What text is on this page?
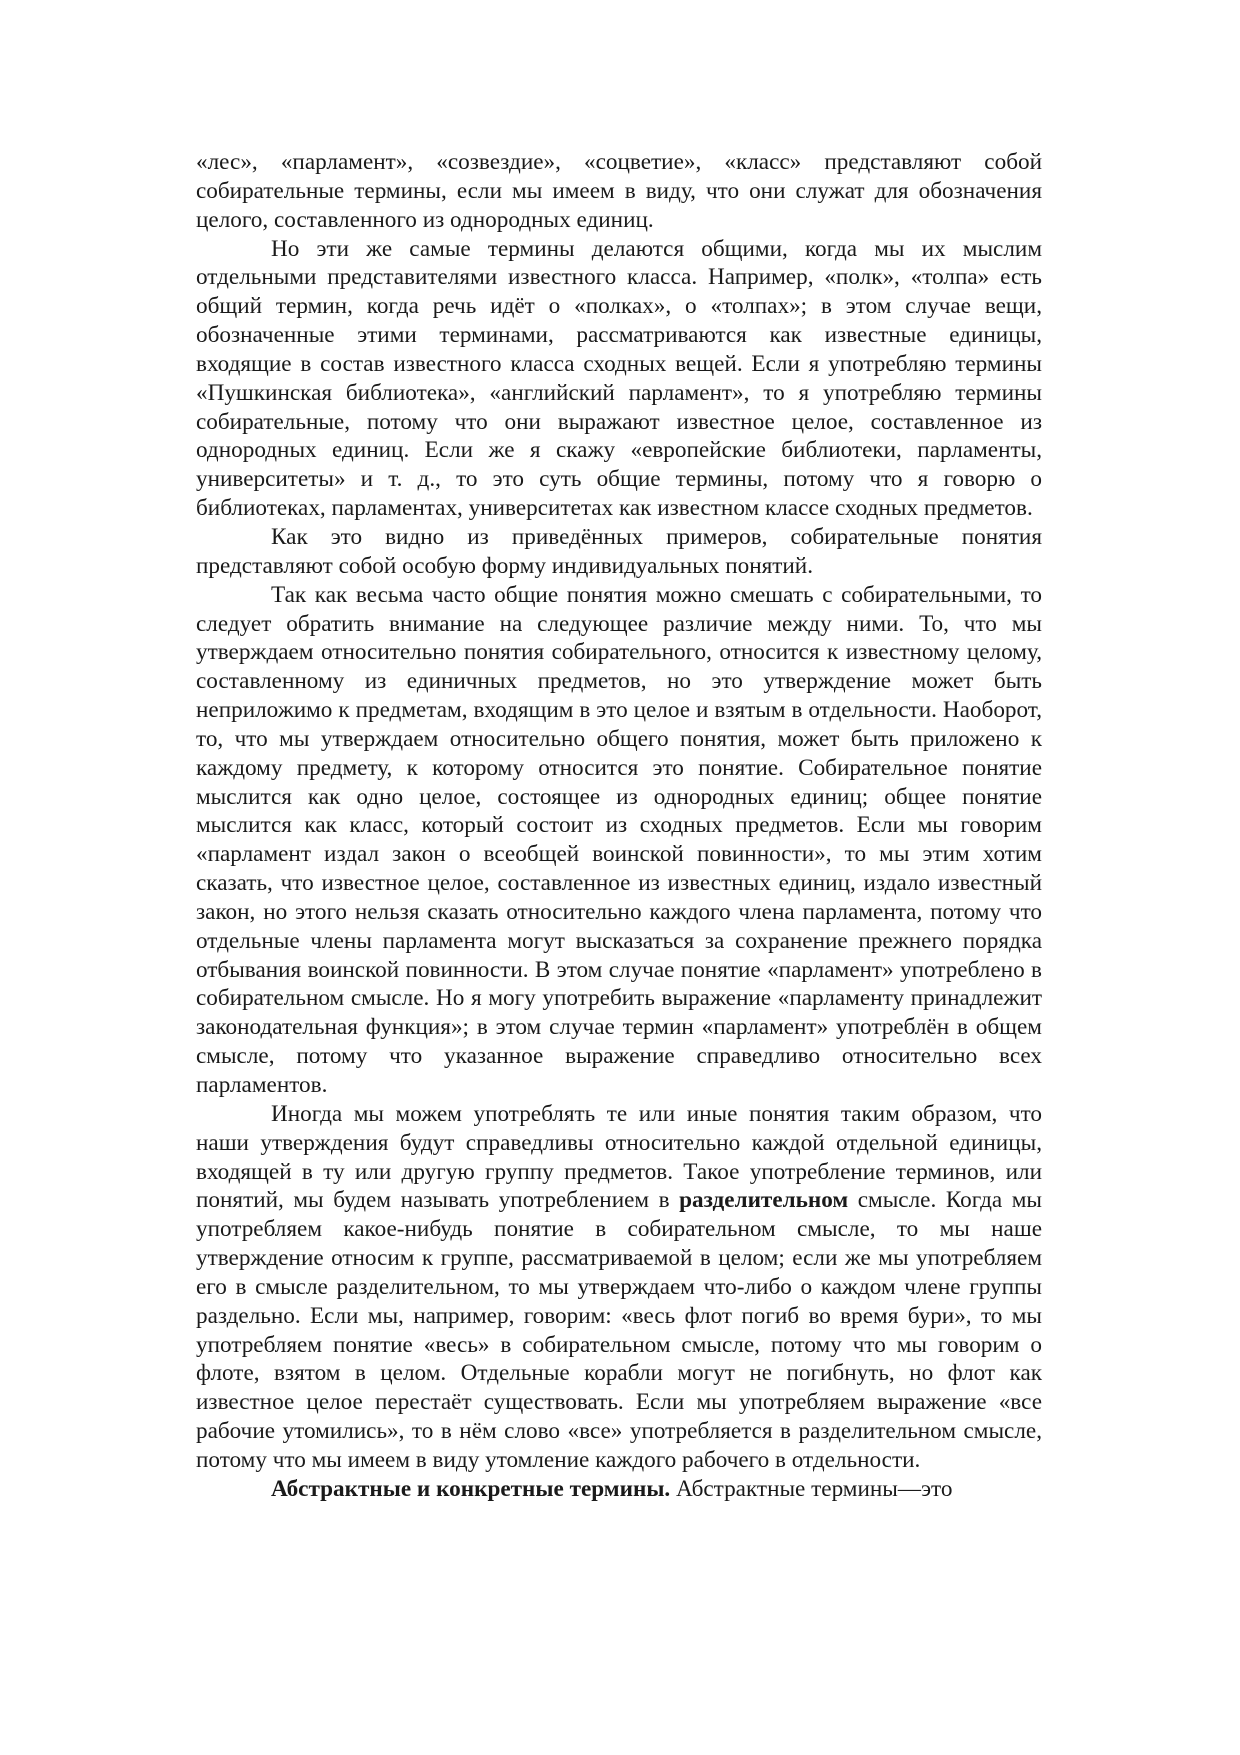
«лес», «парламент», «созвездие», «соцветие», «класс» представляют собой собирательные термины, если мы имеем в виду, что они служат для обозначения целого, составленного из однородных единиц.

Но эти же самые термины делаются общими, когда мы их мыслим отдельными представителями известного класса. Например, «полк», «толпа» есть общий термин, когда речь идёт о «полках», о «толпах»; в этом случае вещи, обозначенные этими терминами, рассматриваются как известные единицы, входящие в состав известного класса сходных вещей. Если я употребляю термины «Пушкинская библиотека», «английский парламент», то я употребляю термины собирательные, потому что они выражают известное целое, составленное из однородных единиц. Если же я скажу «европейские библиотеки, парламенты, университеты» и т. д., то это суть общие термины, потому что я говорю о библиотеках, парламентах, университетах как известном классе сходных предметов.

Как это видно из приведённых примеров, собирательные понятия представляют собой особую форму индивидуальных понятий.

Так как весьма часто общие понятия можно смешать с собирательными, то следует обратить внимание на следующее различие между ними. То, что мы утверждаем относительно понятия собирательного, относится к известному целому, составленному из единичных предметов, но это утверждение может быть неприложимо к предметам, входящим в это целое и взятым в отдельности. Наоборот, то, что мы утверждаем относительно общего понятия, может быть приложено к каждому предмету, к которому относится это понятие. Собирательное понятие мыслится как одно целое, состоящее из однородных единиц; общее понятие мыслится как класс, который состоит из сходных предметов. Если мы говорим «парламент издал закон о всеобщей воинской повинности», то мы этим хотим сказать, что известное целое, составленное из известных единиц, издало известный закон, но этого нельзя сказать относительно каждого члена парламента, потому что отдельные члены парламента могут высказаться за сохранение прежнего порядка отбывания воинской повинности. В этом случае понятие «парламент» употреблено в собирательном смысле. Но я могу употребить выражение «парламенту принадлежит законодательная функция»; в этом случае термин «парламент» употреблён в общем смысле, потому что указанное выражение справедливо относительно всех парламентов.

Иногда мы можем употреблять те или иные понятия таким образом, что наши утверждения будут справедливы относительно каждой отдельной единицы, входящей в ту или другую группу предметов. Такое употребление терминов, или понятий, мы будем называть употреблением в разделительном смысле. Когда мы употребляем какое-нибудь понятие в собирательном смысле, то мы наше утверждение относим к группе, рассматриваемой в целом; если же мы употребляем его в смысле разделительном, то мы утверждаем что-либо о каждом члене группы раздельно. Если мы, например, говорим: «весь флот погиб во время бури», то мы употребляем понятие «весь» в собирательном смысле, потому что мы говорим о флоте, взятом в целом. Отдельные корабли могут не погибнуть, но флот как известное целое перестаёт существовать. Если мы употребляем выражение «все рабочие утомились», то в нём слово «все» употребляется в разделительном смысле, потому что мы имеем в виду утомление каждого рабочего в отдельности.

Абстрактные и конкретные термины. Абстрактные термины—это
